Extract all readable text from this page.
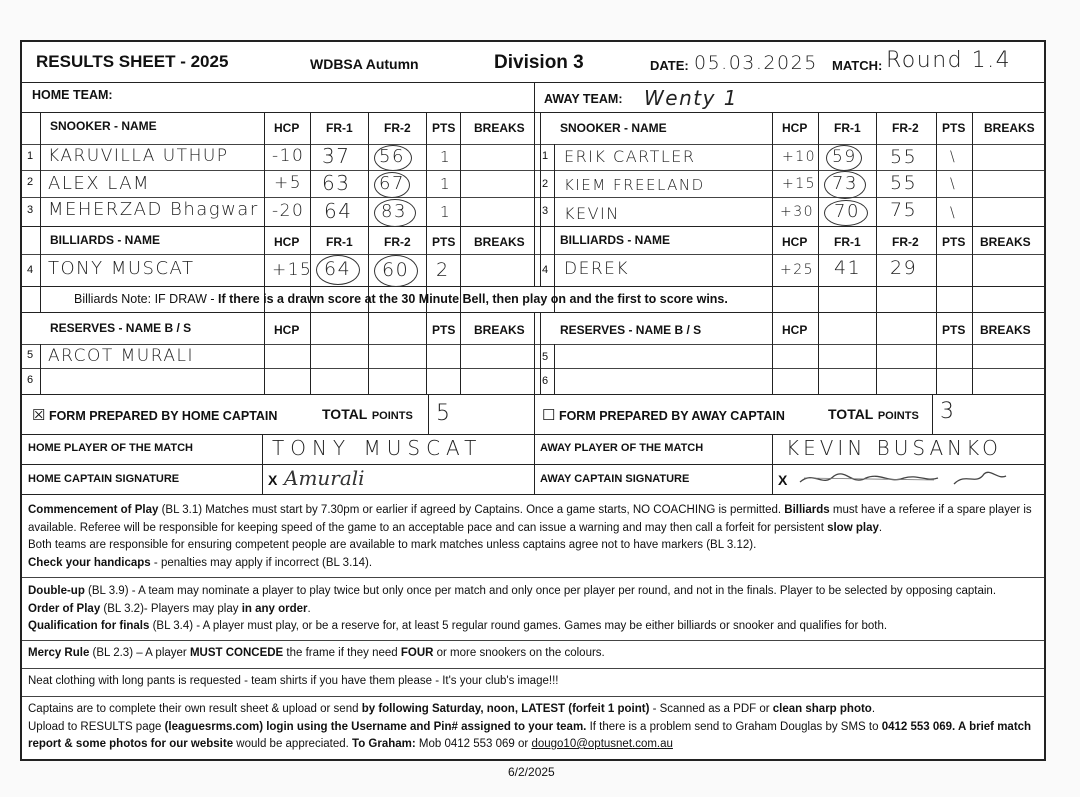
RESULTS SHEET - 2025	WDBSA Autumn	Division 3	DATE: 05.03.2025 MATCH: Round 1.4
HOME TEAM:	AWAY TEAM: Wenty 1
SNOOKER - NAME	HCP FR-1	FR-2 PTS BREAKS	SNOOKER - NAME	HCP FR-1	FR-2 PTS BREAKS
1 KARUVILLA UTHUP	-10 37 56 1
2 ALEX LAM	+5 63 67 1
3 MEHERZAD Bhagwar -20 64 83 1
1 ERIK CARTLER	+10 59 55 \
2 KIEM FREELAND	+15 73 55 \
3 KEVIN	+30 70 75 \
BILLIARDS - NAME	HCP FR-1	FR-2 PTS BREAKS	BILLIARDS - NAME	HCP FR-1	FR-2 PTS BREAKS
4 TONY MUSCAT	+15 64 60 2	4 DEREK	+25 41 29
Billiards Note: IF DRAW - If there is a drawn score at the 30 Minute Bell, then play on and the first to score wins.
RESERVES - NAME B / S	HCP	PTS BREAKS	RESERVES - NAME B / S	HCP	PTS BREAKS
5 ARCOT MURALI
6
5
6
☒ FORM PREPARED BY HOME CAPTAIN	TOTAL POINTS 5	☐ FORM PREPARED BY AWAY CAPTAIN	TOTAL POINTS 3
HOME PLAYER OF THE MATCH	TONY MUSCAT	AWAY PLAYER OF THE MATCH	KEVIN BUSANKO
HOME CAPTAIN SIGNATURE	X Amurali	AWAY CAPTAIN SIGNATURE	X

Commencement of Play (BL 3.1) Matches must start by 7.30pm or earlier if agreed by Captains. Once a game starts, NO COACHING is permitted. Billiards must have a referee if a spare player is available. Referee will be responsible for keeping speed of the game to an acceptable pace and can issue a warning and may then call a forfeit for persistent slow play.

Both teams are responsible for ensuring competent people are available to mark matches unless captains agree not to have markers (BL 3.12).

Check your handicaps - penalties may apply if incorrect (BL 3.14).

Double-up (BL 3.9) - A team may nominate a player to play twice but only once per match and only once per player per round, and not in the finals. Player to be selected by opposing captain.

Order of Play (BL 3.2)- Players may play in any order.

Qualification for finals (BL 3.4) - A player must play, or be a reserve for, at least 5 regular round games. Games may be either billiards or snooker and qualifies for both.

Mercy Rule (BL 2.3) – A player MUST CONCEDE the frame if they need FOUR or more snookers on the colours.

Neat clothing with long pants is requested - team shirts if you have them please - It's your club's image!!!

Captains are to complete their own result sheet & upload or send by following Saturday, noon, LATEST (forfeit 1 point) - Scanned as a PDF or clean sharp photo.

Upload to RESULTS page (leaguesrms.com) login using the Username and Pin# assigned to your team. If there is a problem send to Graham Douglas by SMS to 0412 553 069. A brief match report & some photos for our website would be appreciated. To Graham: Mob 0412 553 069 or dougo10@optusnet.com.au

6/2/2025
